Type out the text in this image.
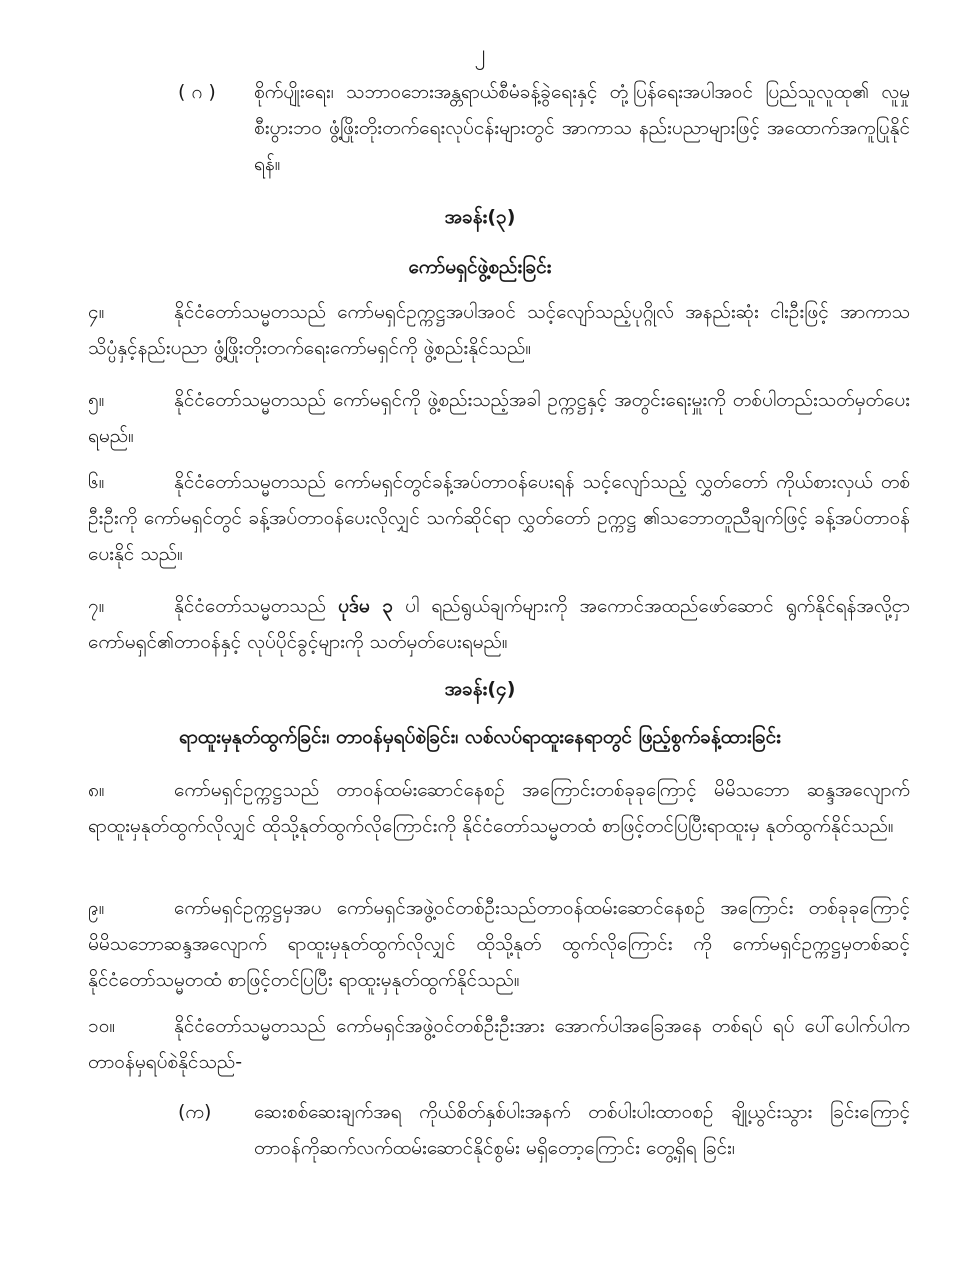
၂
( ဂ )	စိုက်ပျိုးရေး၊ သဘာဝဘေးအန္တရာယ်စီမံခန့်ခွဲရေးနှင့် တုံ့ပြန်ရေးအပါအဝင် ပြည်သူလူထု၏ လူမှုစီးပွားဘဝ ဖွံ့ဖြိုးတိုးတက်ရေးလုပ်ငန်းများတွင် အာကာသ နည်းပညာများဖြင့် အထောက်အကူပြုနိုင်ရန်။
အခန်း(၃)
ကော်မရှင်ဖွဲ့စည်းခြင်း
၄။	နိုင်ငံတော်သမ္မတသည် ကော်မရှင်ဥက္ကဋ္ဌအပါအဝင် သင့်လျော်သည့်ပုဂ္ဂိုလ် အနည်းဆုံး ငါးဦးဖြင့် အာကာသသိပ္ပံနှင့်နည်းပညာ ဖွံ့ဖြိုးတိုးတက်ရေးကော်မရှင်ကို ဖွဲ့စည်းနိုင်သည်။
၅။	နိုင်ငံတော်သမ္မတသည် ကော်မရှင်ကို ဖွဲ့စည်းသည့်အခါ ဥက္ကဋ္ဌနှင့် အတွင်းရေးမှူးကို တစ်ပါတည်းသတ်မှတ်ပေးရမည်။
၆။	နိုင်ငံတော်သမ္မတသည် ကော်မရှင်တွင်ခန့်အပ်တာဝန်ပေးရန် သင့်လျော်သည့် လွှတ်တော် ကိုယ်စားလှယ် တစ်ဦးဦးကို ကော်မရှင်တွင် ခန့်အပ်တာဝန်ပေးလိုလျှင် သက်ဆိုင်ရာ လွှတ်တော် ဥက္ကဋ္ဌ ၏သဘောတူညီချက်ဖြင့် ခန့်အပ်တာဝန်ပေးနိုင် သည်။
၇။	နိုင်ငံတော်သမ္မတသည် ပုဒ်မ ၃ ပါ ရည်ရွယ်ချက်များကို အကောင်အထည်ဖော်ဆောင် ရွက်နိုင်ရန်အလို့ငှာ ကော်မရှင်၏တာဝန်နှင့် လုပ်ပိုင်ခွင့်များကို သတ်မှတ်ပေးရမည်။
အခန်း(၄)
ရာထူးမှနုတ်ထွက်ခြင်း၊ တာဝန်မှရပ်စဲခြင်း၊ လစ်လပ်ရာထူးနေရာတွင် ဖြည့်စွက်ခန့်ထားခြင်း
၈။	ကော်မရှင်ဥက္ကဋ္ဌသည် တာဝန်ထမ်းဆောင်နေစဉ် အကြောင်းတစ်ခုခုကြောင့် မိမိသဘော ဆန္ဒအလျောက် ရာထူးမှနုတ်ထွက်လိုလျှင် ထိုသို့နုတ်ထွက်လိုကြောင်းကို နိုင်ငံတော်သမ္မတထံ စာဖြင့်တင်ပြပြီးရာထူးမှ နုတ်ထွက်နိုင်သည်။
၉။	ကော်မရှင်ဥက္ကဋ္ဌမှအပ ကော်မရှင်အဖွဲ့ဝင်တစ်ဦးသည်တာဝန်ထမ်းဆောင်နေစဉ် အကြောင်း တစ်ခုခုကြောင့် မိမိသဘောဆန္ဒအလျောက် ရာထူးမှနုတ်ထွက်လိုလျှင် ထိုသို့နုတ် ထွက်လိုကြောင်း ကို ကော်မရှင်ဥက္ကဋ္ဌမှတစ်ဆင့် နိုင်ငံတော်သမ္မတထံ စာဖြင့်တင်ပြပြီး ရာထူးမှနုတ်ထွက်နိုင်သည်။
၁၀။	နိုင်ငံတော်သမ္မတသည် ကော်မရှင်အဖွဲ့ဝင်တစ်ဦးဦးအား အောက်ပါအခြေအနေ တစ်ရပ် ရပ် ပေါ်ပေါက်ပါက တာဝန်မှရပ်စဲနိုင်သည်-
(က)	ဆေးစစ်ဆေးချက်အရ ကိုယ်စိတ်နှစ်ပါးအနက် တစ်ပါးပါးထာဝစဉ် ချို့ယွင်းသွား ခြင်းကြောင့် တာဝန်ကိုဆက်လက်ထမ်းဆောင်နိုင်စွမ်း မရှိတော့ကြောင်း တွေ့ရှိရ ခြင်း၊
